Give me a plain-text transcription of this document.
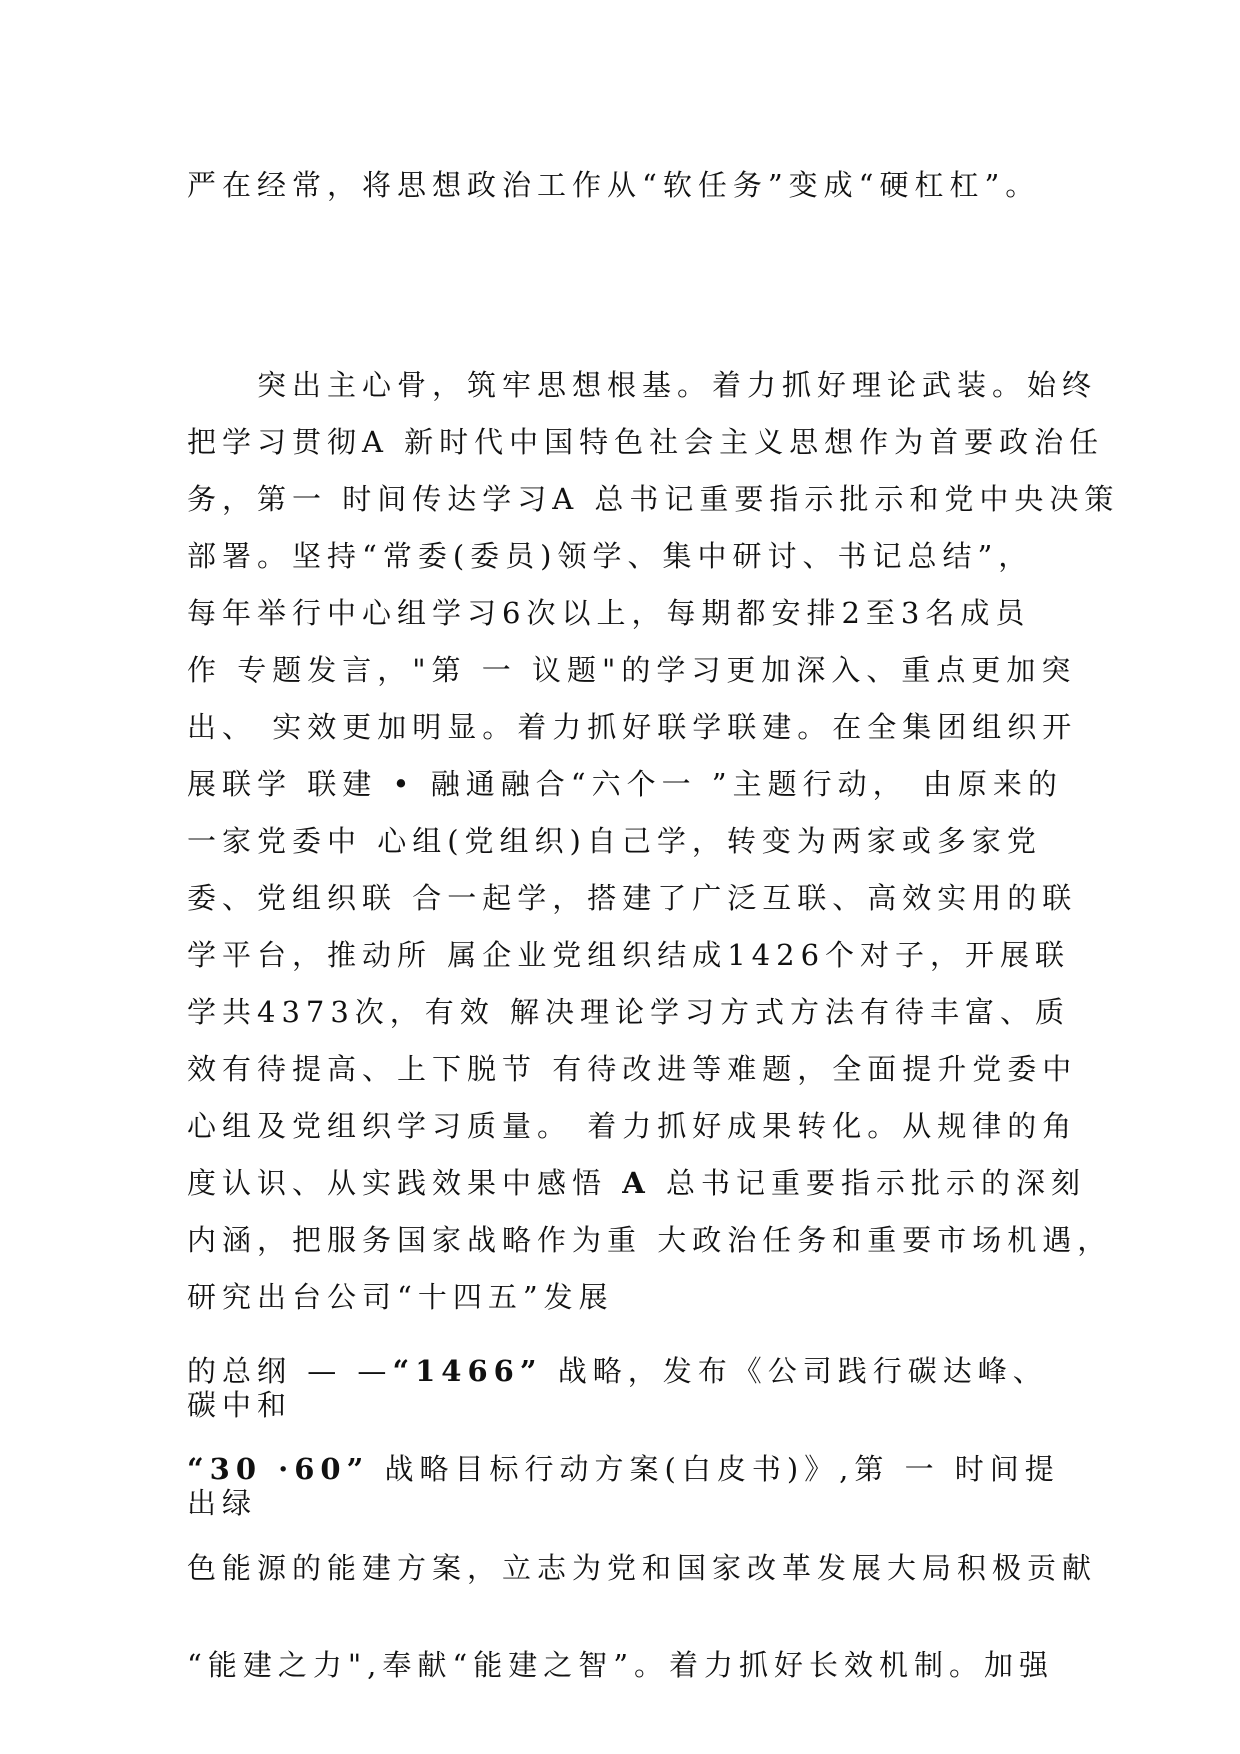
严在经常，将思想政治工作从“软任务”变成“硬杠杠”。
　　突出主心骨，筑牢思想根基。着力抓好理论武装。始终
把学习贯彻A 新时代中国特色社会主义思想作为首要政治任
务，第一 时间传达学习A 总书记重要指示批示和党中央决策
部署。坚持“常委(委员)领学、集中研讨、书记总结”，
每年举行中心组学习6次以上，每期都安排2至3名成员
作 专题发言，"第 一 议题"的学习更加深入、重点更加突
出、 实效更加明显。着力抓好联学联建。在全集团组织开
展联学 联建 • 融通融合“六个一 ”主题行动， 由原来的
一家党委中 心组(党组织)自己学，转变为两家或多家党
委、党组织联 合一起学，搭建了广泛互联、高效实用的联
学平台，推动所 属企业党组织结成1426个对子，开展联
学共4373次，有效 解决理论学习方式方法有待丰富、质
效有待提高、上下脱节 有待改进等难题，全面提升党委中
心组及党组织学习质量。 着力抓好成果转化。从规律的角
度认识、从实践效果中感悟 A 总书记重要指示批示的深刻
内涵，把服务国家战略作为重 大政治任务和重要市场机遇，
研究出台公司“十四五”发展
的总纲 — —“1466” 战略，发布《公司践行碳达峰、碳中和
“30 ·60” 战略目标行动方案(白皮书)》,第 一 时间提出绿
色能源的能建方案，立志为党和国家改革发展大局积极贡献
“能建之力",奉献“能建之智”。着力抓好长效机制。加强
